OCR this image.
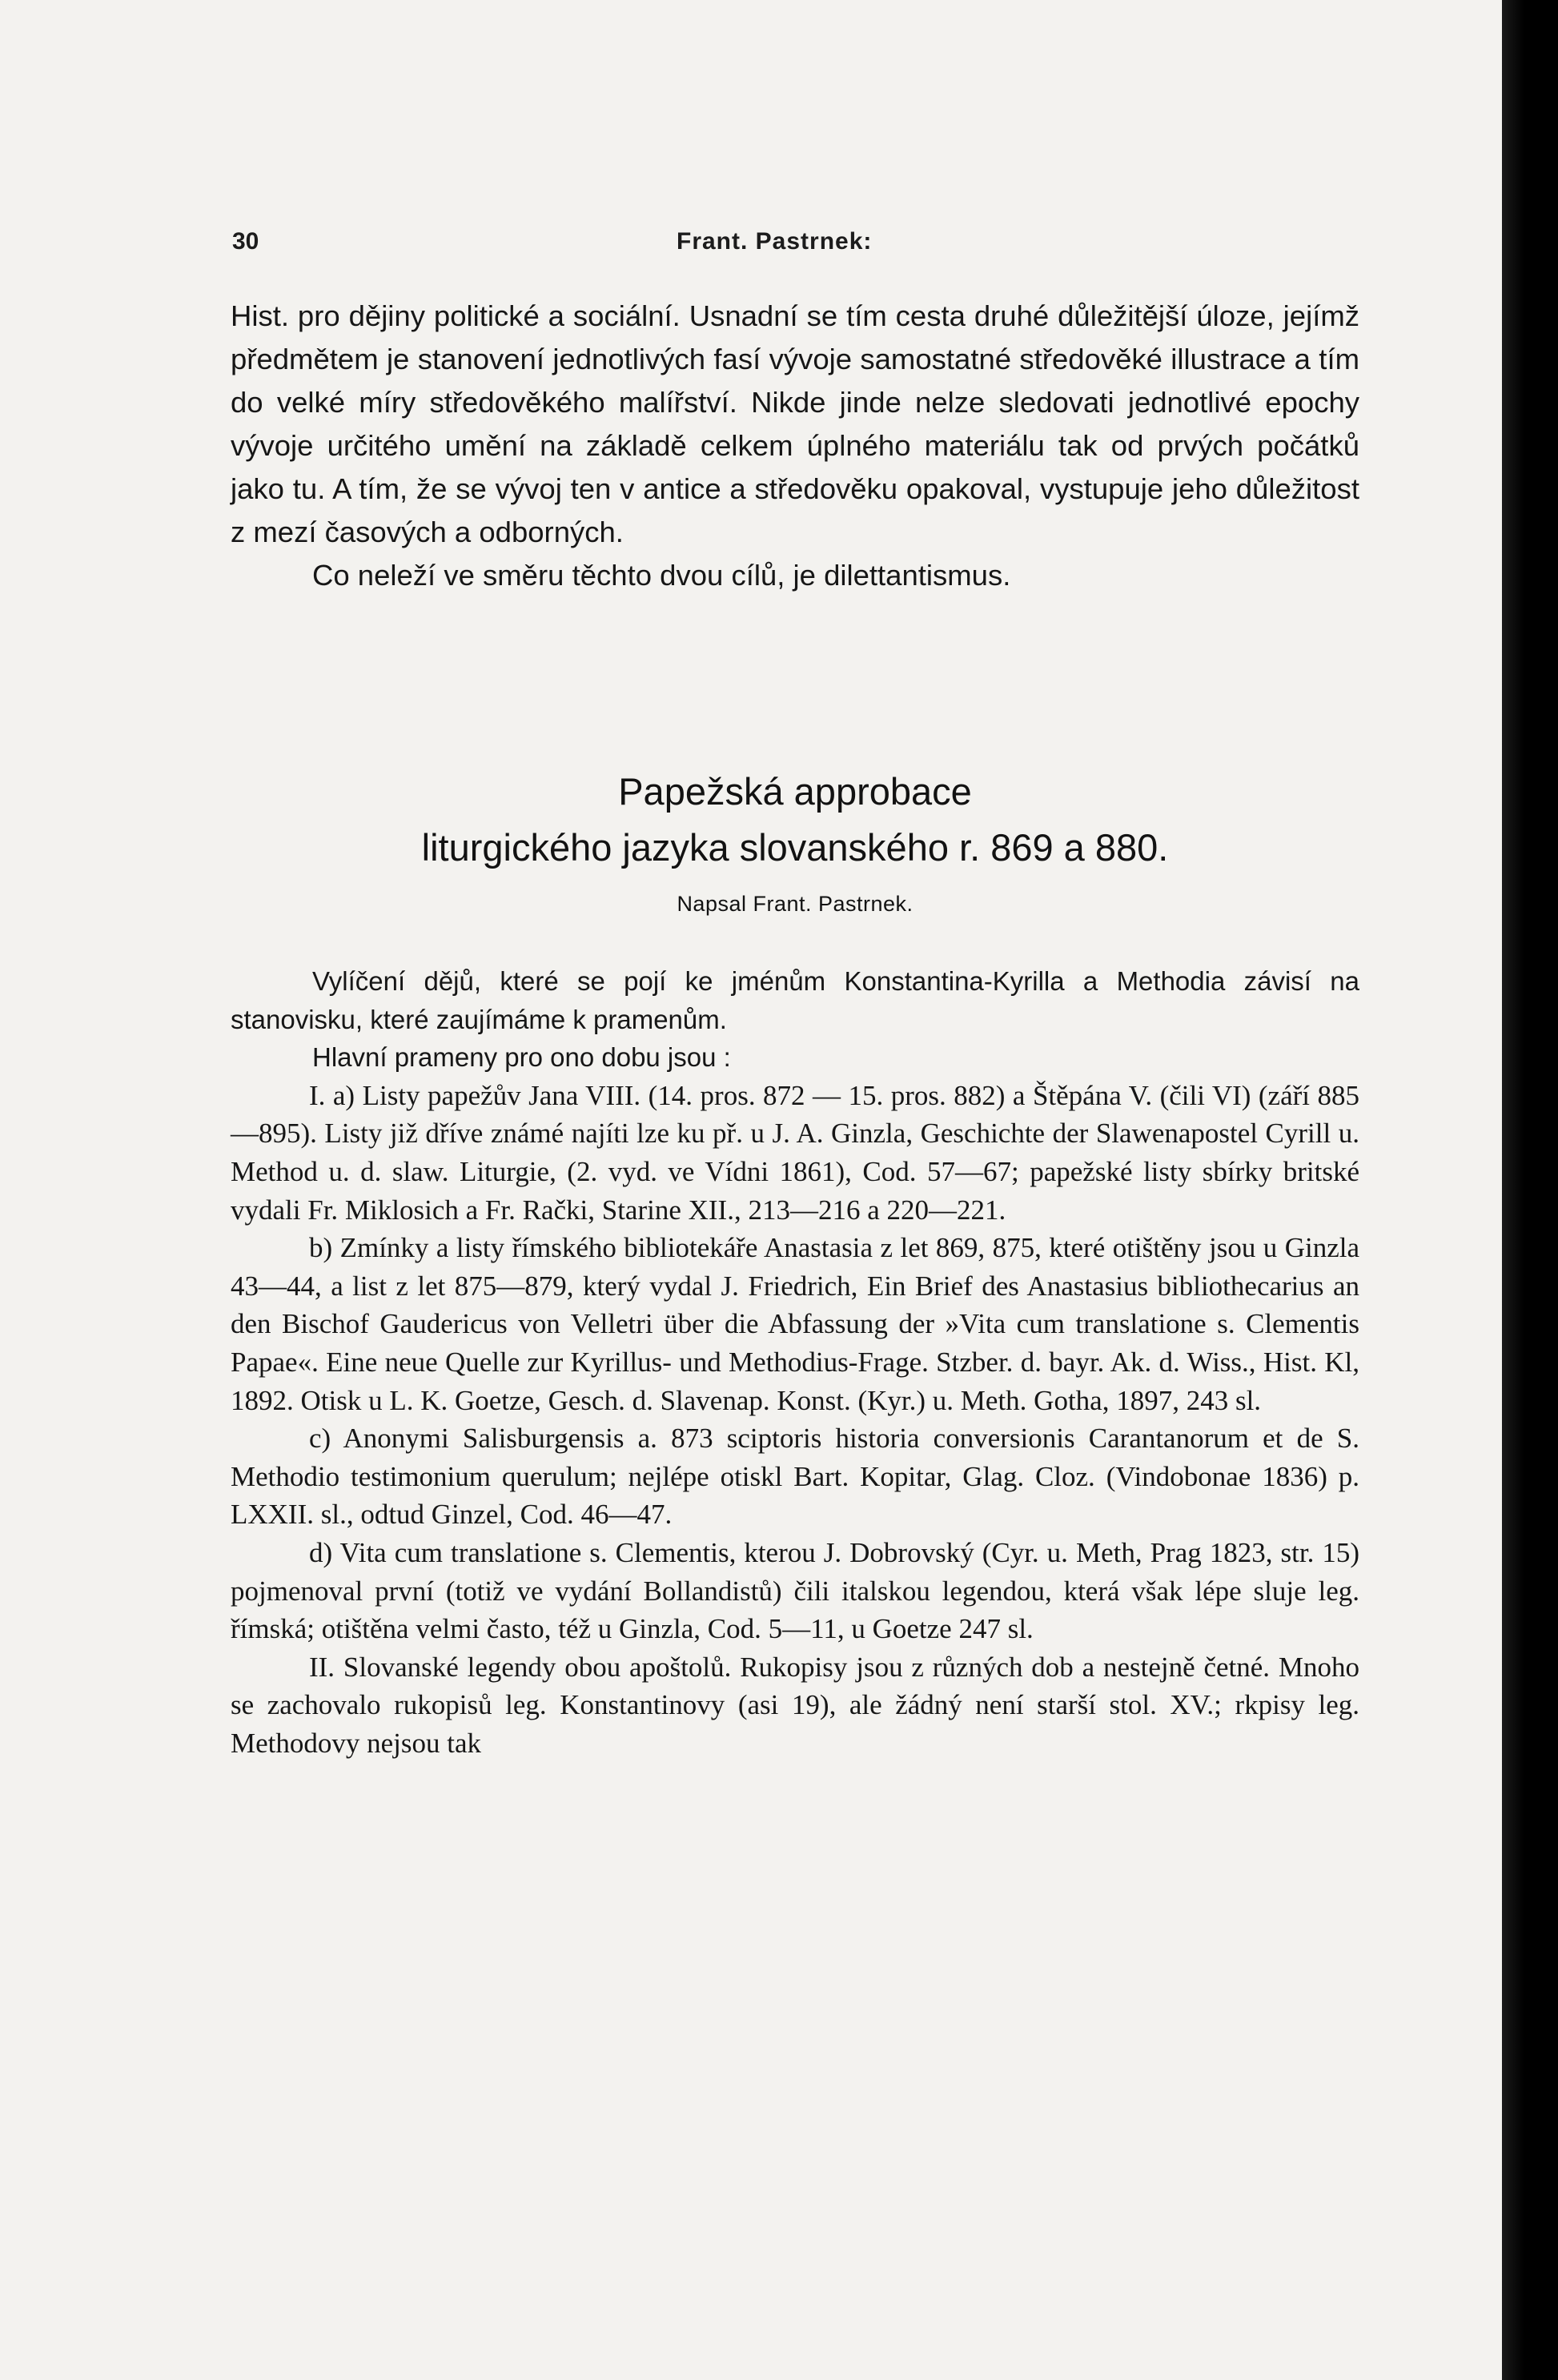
30	Frant. Pastrnek:

Hist. pro dějiny politické a sociální. Usnadní se tím cesta druhé důležitější úloze, jejímž předmětem je stanovení jednotlivých fasí vývoje samostatné středověké illustrace a tím do velké míry středověkého malířství. Nikde jinde nelze sledovati jednotlivé epochy vývoje určitého umění na základě celkem úplného materiálu tak od prvých počátků jako tu. A tím, že se vývoj ten v antice a středověku opakoval, vystupuje jeho důležitost z mezí časových a odborných.

Co neleží ve směru těchto dvou cílů, je dilettantismus.

Papežská approbace
liturgického jazyka slovanského r. 869 a 880.
Napsal Frant. Pastrnek.

Vylíčení dějů, které se pojí ke jménům Konstantina-Kyrilla a Methodia závisí na stanovisku, které zaujímáme k pramenům.

Hlavní prameny pro ono dobu jsou :

I. a) Listy papežův Jana VIII. (14. pros. 872 — 15. pros. 882) a Štěpána V. (čili VI) (září 885—895). Listy již dříve známé najíti lze ku př. u J. A. Ginzla, Geschichte der Slawenapostel Cyrill u. Method u. d. slaw. Liturgie, (2. vyd. ve Vídni 1861), Cod. 57—67; papežské listy sbírky britské vydali Fr. Miklosich a Fr. Rački, Starine XII., 213—216 a 220—221.

b) Zmínky a listy římského bibliotekáře Anastasia z let 869, 875, které otištěny jsou u Ginzla 43—44, a list z let 875—879, který vydal J. Friedrich, Ein Brief des Anastasius bibliothecarius an den Bischof Gaudericus von Velletri über die Abfassung der »Vita cum translatione s. Clementis Papae«. Eine neue Quelle zur Kyrillus- und Methodius-Frage. Stzber. d. bayr. Ak. d. Wiss., Hist. Kl, 1892. Otisk u L. K. Goetze, Gesch. d. Slavenap. Konst. (Kyr.) u. Meth. Gotha, 1897, 243 sl.

c) Anonymi Salisburgensis a. 873 sciptoris historia conversionis Carantanorum et de S. Methodio testimonium querulum; nejlépe otiskl Bart. Kopitar, Glag. Cloz. (Vindobonae 1836) p. LXXII. sl., odtud Ginzel, Cod. 46—47.

d) Vita cum translatione s. Clementis, kterou J. Dobrovský (Cyr. u. Meth, Prag 1823, str. 15) pojmenoval první (totiž ve vydání Bollandistů) čili italskou legendou, která však lépe sluje leg. římská; otištěna velmi často, též u Ginzla, Cod. 5—11, u Goetze 247 sl.

II. Slovanské legendy obou apoštolů. Rukopisy jsou z různých dob a nestejně četné. Mnoho se zachovalo rukopisů leg. Konstantinovy (asi 19), ale žádný není starší stol. XV.; rkpisy leg. Methodovy nejsou tak
